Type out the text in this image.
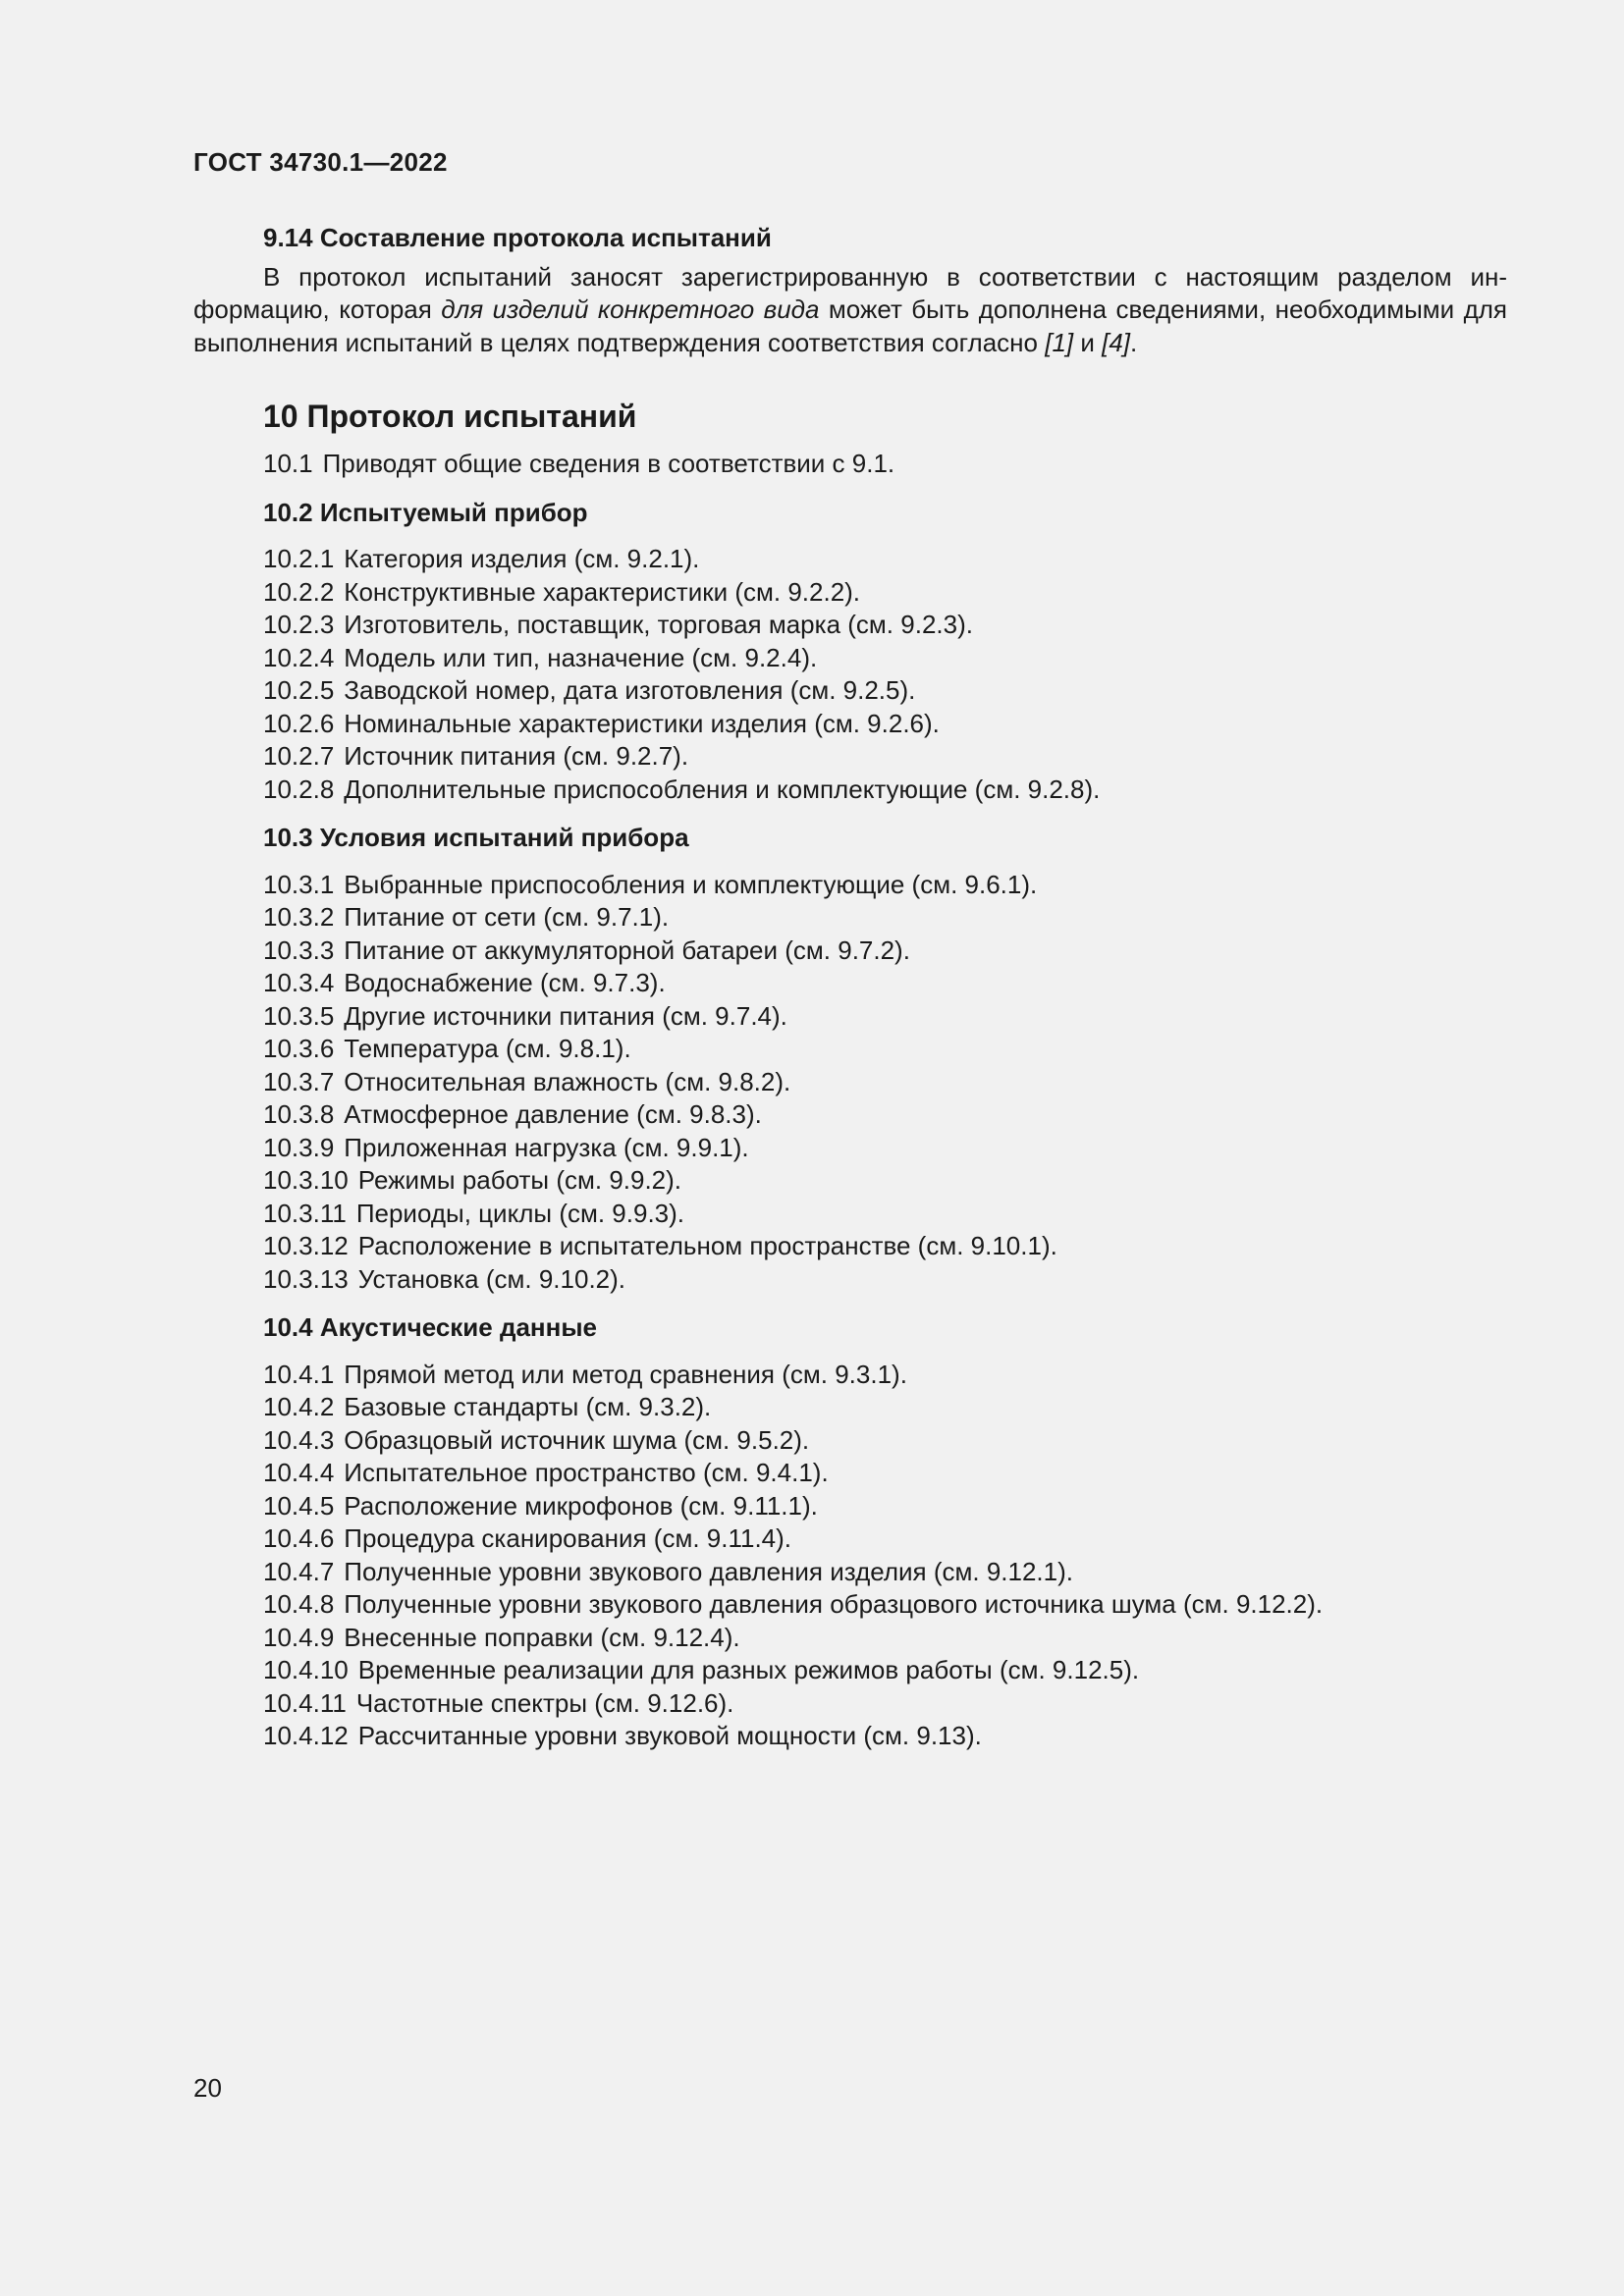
ГОСТ 34730.1—2022

9.14 Составление протокола испытаний

В протокол испытаний заносят зарегистрированную в соответствии с настоящим разделом ин-формацию, которая для изделий конкретного вида может быть дополнена сведениями, необходимыми для выполнения испытаний в целях подтверждения соответствия согласно [1] и [4].

10 Протокол испытаний

10.1 Приводят общие сведения в соответствии с 9.1.

10.2 Испытуемый прибор

10.2.1 Категория изделия (см. 9.2.1).

10.2.2 Конструктивные характеристики (см. 9.2.2).

10.2.3 Изготовитель, поставщик, торговая марка (см. 9.2.3).

10.2.4 Модель или тип, назначение (см. 9.2.4).

10.2.5 Заводской номер, дата изготовления (см. 9.2.5).

10.2.6 Номинальные характеристики изделия (см. 9.2.6).

10.2.7 Источник питания (см. 9.2.7).

10.2.8 Дополнительные приспособления и комплектующие (см. 9.2.8).

10.3 Условия испытаний прибора

10.3.1 Выбранные приспособления и комплектующие (см. 9.6.1).

10.3.2 Питание от сети (см. 9.7.1).

10.3.3 Питание от аккумуляторной батареи (см. 9.7.2).

10.3.4 Водоснабжение (см. 9.7.3).

10.3.5 Другие источники питания (см. 9.7.4).

10.3.6 Температура (см. 9.8.1).

10.3.7 Относительная влажность (см. 9.8.2).

10.3.8 Атмосферное давление (см. 9.8.3).

10.3.9 Приложенная нагрузка (см. 9.9.1).

10.3.10 Режимы работы (см. 9.9.2).

10.3.11 Периоды, циклы (см. 9.9.3).

10.3.12 Расположение в испытательном пространстве (см. 9.10.1).

10.3.13 Установка (см. 9.10.2).

10.4 Акустические данные

10.4.1 Прямой метод или метод сравнения (см. 9.3.1).

10.4.2 Базовые стандарты (см. 9.3.2).

10.4.3 Образцовый источник шума (см. 9.5.2).

10.4.4 Испытательное пространство (см. 9.4.1).

10.4.5 Расположение микрофонов (см. 9.11.1).

10.4.6 Процедура сканирования (см. 9.11.4).

10.4.7 Полученные уровни звукового давления изделия (см. 9.12.1).

10.4.8 Полученные уровни звукового давления образцового источника шума (см. 9.12.2).

10.4.9 Внесенные поправки (см. 9.12.4).

10.4.10 Временные реализации для разных режимов работы (см. 9.12.5).

10.4.11 Частотные спектры (см. 9.12.6).

10.4.12 Рассчитанные уровни звуковой мощности (см. 9.13).

20
